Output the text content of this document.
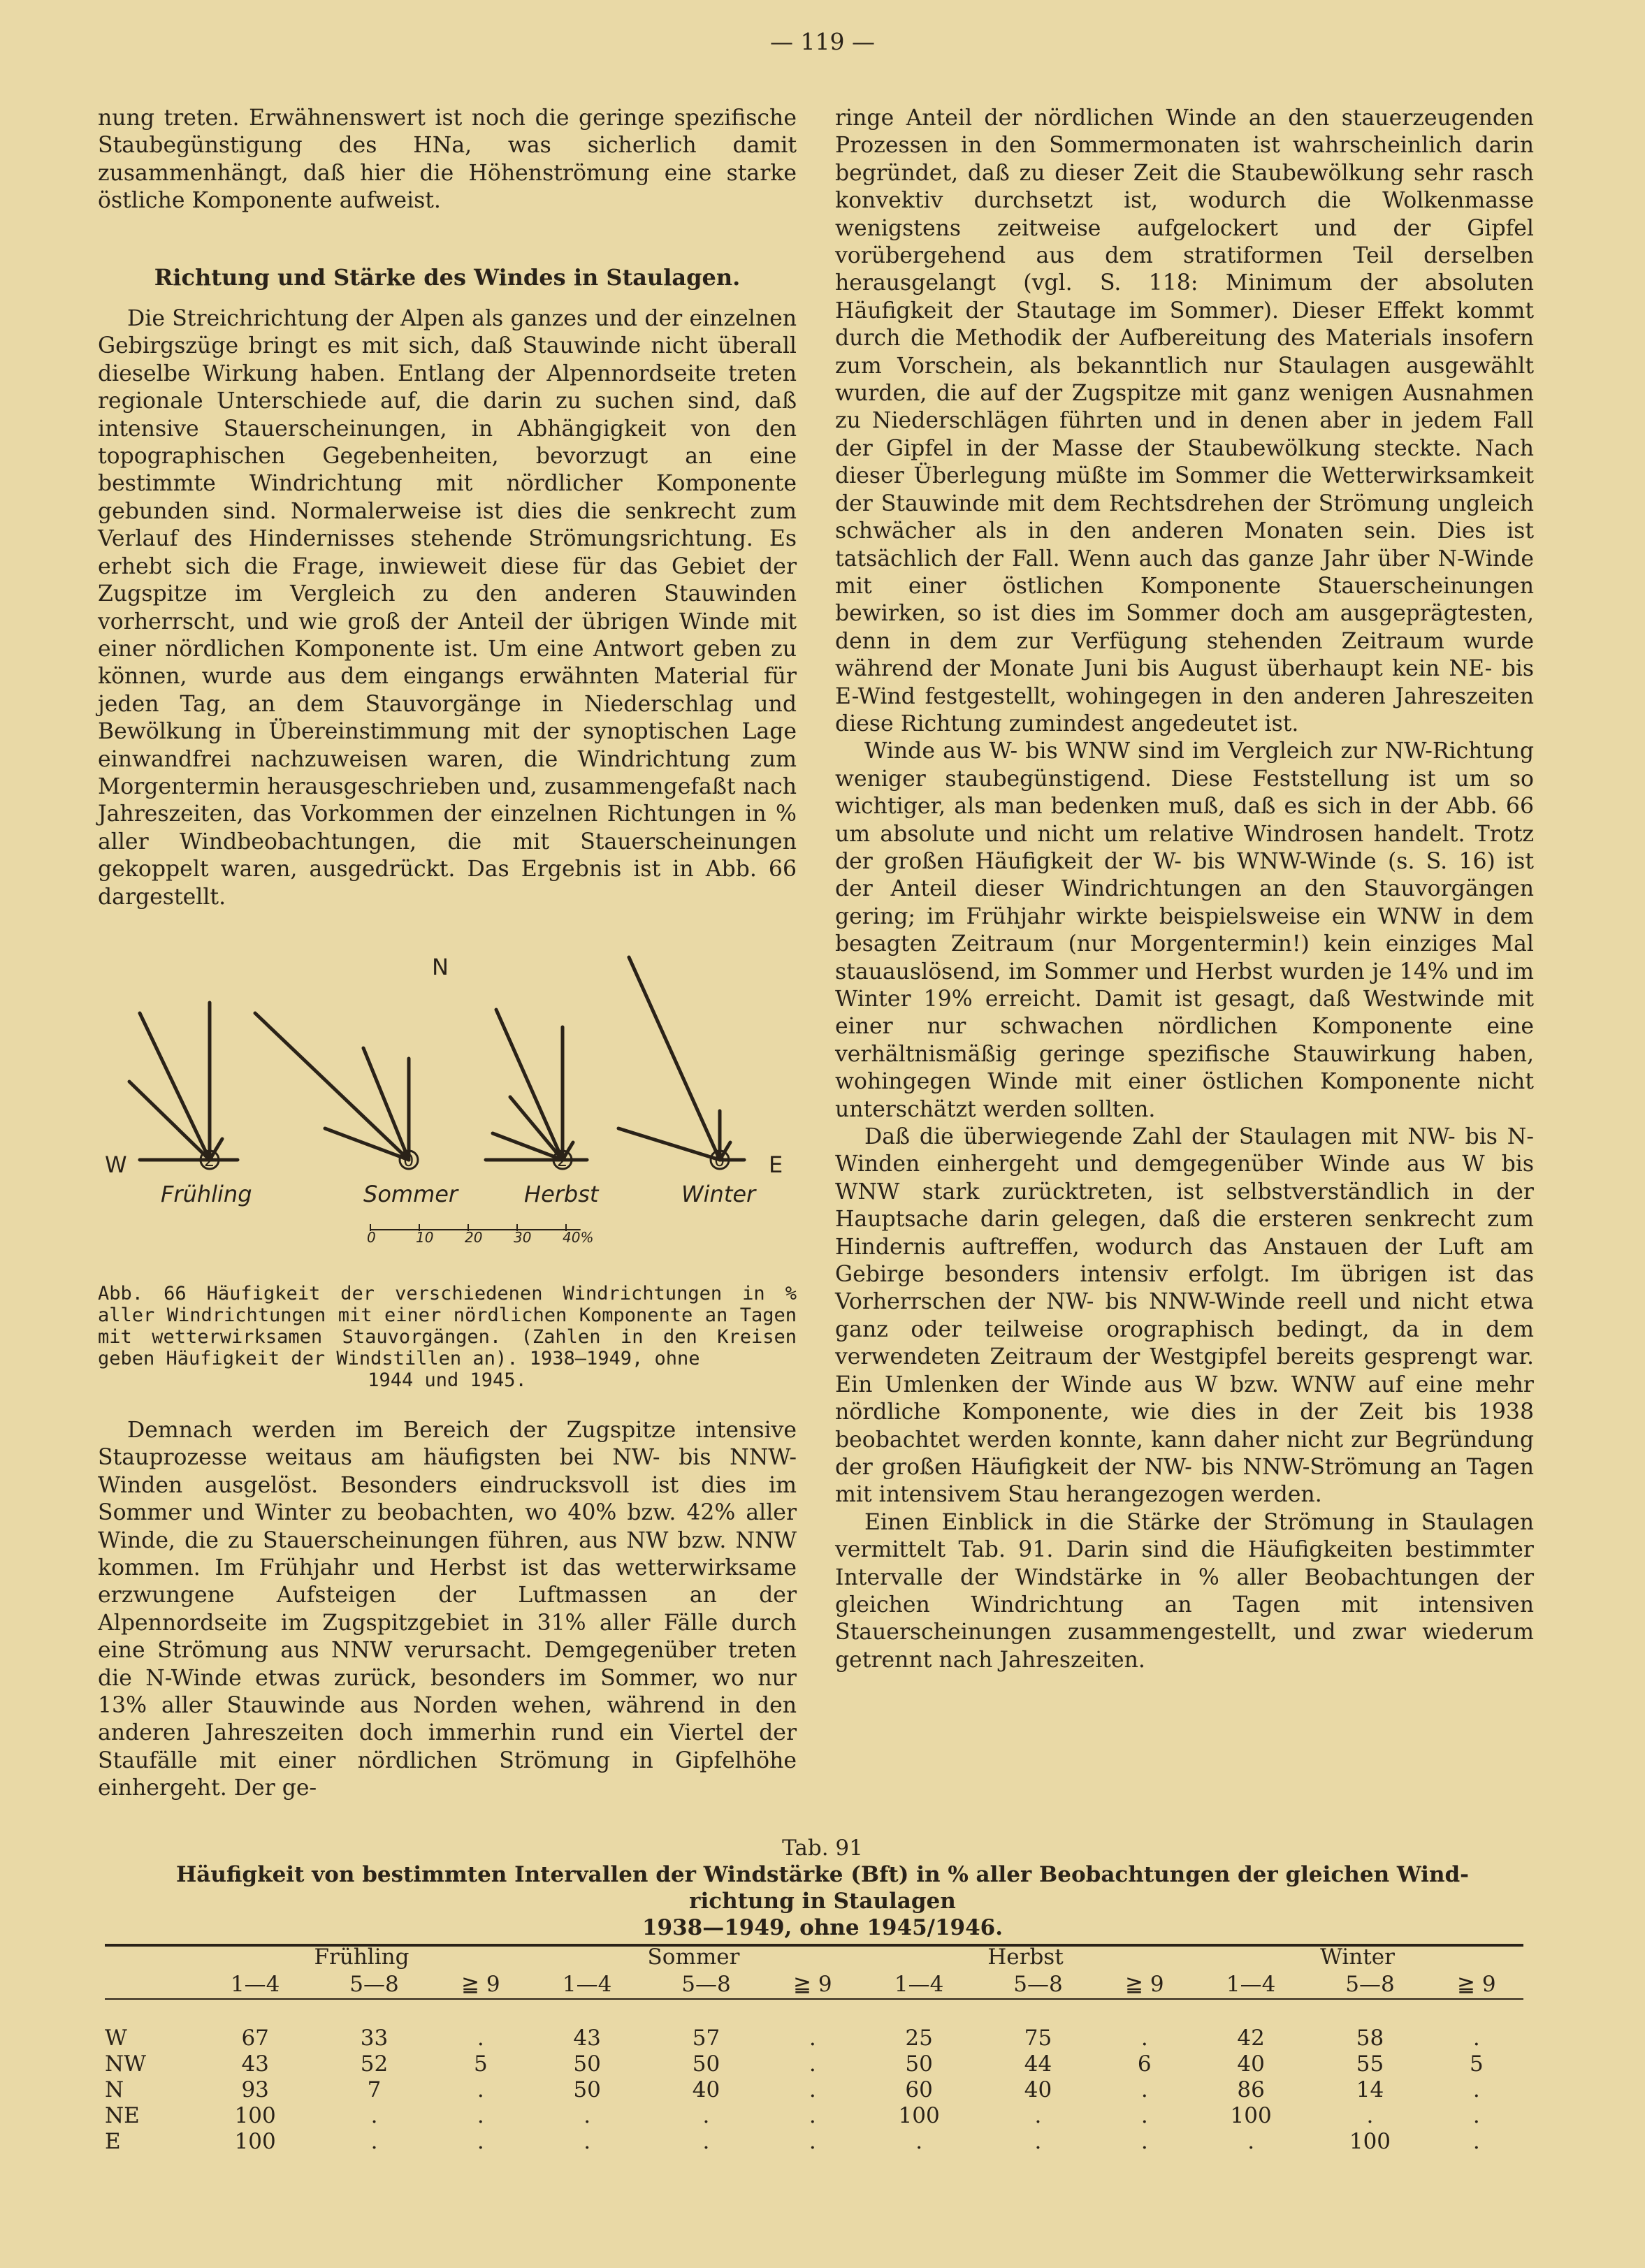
— 119 —

nung treten. Erwähnenswert ist noch die geringe spezifische Staubegünstigung des HNa, was sicherlich damit zusammenhängt, daß hier die Höhenströmung eine starke östliche Komponente aufweist.

Richtung und Stärke des Windes in Staulagen.

Die Streichrichtung der Alpen als ganzes und der einzelnen Gebirgszüge bringt es mit sich, daß Stauwinde nicht überall dieselbe Wirkung haben. Entlang der Alpennordseite treten regionale Unterschiede auf, die darin zu suchen sind, daß intensive Stauerscheinungen, in Abhängigkeit von den topographischen Gegebenheiten, bevorzugt an eine bestimmte Windrichtung mit nördlicher Komponente gebunden sind. Normalerweise ist dies die senkrecht zum Verlauf des Hindernisses stehende Strömungsrichtung. Es erhebt sich die Frage, inwieweit diese für das Gebiet der Zugspitze im Vergleich zu den anderen Stauwinden vorherrscht, und wie groß der Anteil der übrigen Winde mit einer nördlichen Komponente ist. Um eine Antwort geben zu können, wurde aus dem eingangs erwähnten Material für jeden Tag, an dem Stauvorgänge in Niederschlag und Bewölkung in Übereinstimmung mit der synoptischen Lage einwandfrei nachzuweisen waren, die Windrichtung zum Morgentermin herausgeschrieben und, zusammengefaßt nach Jahreszeiten, das Vorkommen der einzelnen Richtungen in % aller Windbeobachtungen, die mit Stauerscheinungen gekoppelt waren, ausgedrückt. Das Ergebnis ist in Abb. 66 dargestellt.

N
W	E
2	0	2	0
Frühling	Sommer	Herbst	Winter
0	10 20 30 40%
Abb. 66 Häufigkeit der verschiedenen Windrichtungen in % aller Windrichtungen mit einer nördlichen Komponente an Tagen mit wetterwirksamen Stauvorgängen. (Zahlen in den Kreisen geben Häufigkeit der Windstillen an). 1938—1949, ohne
1944 und 1945.

Demnach werden im Bereich der Zugspitze intensive Stauprozesse weitaus am häufigsten bei NW- bis NNW-Winden ausgelöst. Besonders eindrucksvoll ist dies im Sommer und Winter zu beobachten, wo 40% bzw. 42% aller Winde, die zu Stauerscheinungen führen, aus NW bzw. NNW kommen. Im Frühjahr und Herbst ist das wetterwirksame erzwungene Aufsteigen der Luftmassen an der Alpennordseite im Zugspitzgebiet in 31% aller Fälle durch eine Strömung aus NNW verursacht. Demgegenüber treten die N-Winde etwas zurück, besonders im Sommer, wo nur 13% aller Stauwinde aus Norden wehen, während in den anderen Jahreszeiten doch immerhin rund ein Viertel der Staufälle mit einer nördlichen Strömung in Gipfelhöhe einhergeht. Der ge-

ringe Anteil der nördlichen Winde an den stauerzeugenden Prozessen in den Sommermonaten ist wahrscheinlich darin begründet, daß zu dieser Zeit die Staubewölkung sehr rasch konvektiv durchsetzt ist, wodurch die Wolkenmasse wenigstens zeitweise aufgelockert und der Gipfel vorübergehend aus dem stratiformen Teil derselben herausgelangt (vgl. S. 118: Minimum der absoluten Häufigkeit der Stautage im Sommer). Dieser Effekt kommt durch die Methodik der Aufbereitung des Materials insofern zum Vorschein, als bekanntlich nur Staulagen ausgewählt wurden, die auf der Zugspitze mit ganz wenigen Ausnahmen zu Niederschlägen führten und in denen aber in jedem Fall der Gipfel in der Masse der Staubewölkung steckte. Nach dieser Überlegung müßte im Sommer die Wetterwirksamkeit der Stauwinde mit dem Rechtsdrehen der Strömung ungleich schwächer als in den anderen Monaten sein. Dies ist tatsächlich der Fall. Wenn auch das ganze Jahr über N-Winde mit einer östlichen Komponente Stauerscheinungen bewirken, so ist dies im Sommer doch am ausgeprägtesten, denn in dem zur Verfügung stehenden Zeitraum wurde während der Monate Juni bis August überhaupt kein NE- bis E-Wind festgestellt, wohingegen in den anderen Jahreszeiten diese Richtung zumindest angedeutet ist.

Winde aus W- bis WNW sind im Vergleich zur NW-Richtung weniger staubegünstigend. Diese Feststellung ist um so wichtiger, als man bedenken muß, daß es sich in der Abb. 66 um absolute und nicht um relative Windrosen handelt. Trotz der großen Häufigkeit der W- bis WNW-Winde (s. S. 16) ist der Anteil dieser Windrichtungen an den Stauvorgängen gering; im Frühjahr wirkte beispielsweise ein WNW in dem besagten Zeitraum (nur Morgentermin!) kein einziges Mal stauauslösend, im Sommer und Herbst wurden je 14% und im Winter 19% erreicht. Damit ist gesagt, daß Westwinde mit einer nur schwachen nördlichen Komponente eine verhältnismäßig geringe spezifische Stauwirkung haben, wohingegen Winde mit einer östlichen Komponente nicht unterschätzt werden sollten.

Daß die überwiegende Zahl der Staulagen mit NW- bis N-Winden einhergeht und demgegenüber Winde aus W bis WNW stark zurücktreten, ist selbstverständlich in der Hauptsache darin gelegen, daß die ersteren senkrecht zum Hindernis auftreffen, wodurch das Anstauen der Luft am Gebirge besonders intensiv erfolgt. Im übrigen ist das Vorherrschen der NW- bis NNW-Winde reell und nicht etwa ganz oder teilweise orographisch bedingt, da in dem verwendeten Zeitraum der Westgipfel bereits gesprengt war. Ein Umlenken der Winde aus W bzw. WNW auf eine mehr nördliche Komponente, wie dies in der Zeit bis 1938 beobachtet werden konnte, kann daher nicht zur Begründung der großen Häufigkeit der NW- bis NNW-Strömung an Tagen mit intensivem Stau herangezogen werden.

Einen Einblick in die Stärke der Strömung in Staulagen vermittelt Tab. 91. Darin sind die Häufigkeiten bestimmter Intervalle der Windstärke in % aller Beobachtungen der gleichen Windrichtung an Tagen mit intensiven Stauerscheinungen zusammengestellt, und zwar wiederum getrennt nach Jahreszeiten.

Tab. 91
Häufigkeit von bestimmten Intervallen der Windstärke (Bft) in % aller Beobachtungen der gleichen Wind-
richtung in Staulagen
1938—1949, ohne 1945/1946.
	Frühling			Sommer			Herbst			Winter		
	1—4	5—8	≧ 9	1—4	5—8	≧ 9	1—4	5—8	≧ 9	1—4	5—8	≧ 9

W	67	33	.	43	57	.	25	75	.	42	58	.
NW	43	52	5	50	50	.	50	44	6	40	55	5
N	93	7	.	50	40	.	60	40	.	86	14	.
NE	100	.	.	.	.	.	100	.	.	100	.	.
E	100	.	.	.	.	.	.	.	.	.	100	.
